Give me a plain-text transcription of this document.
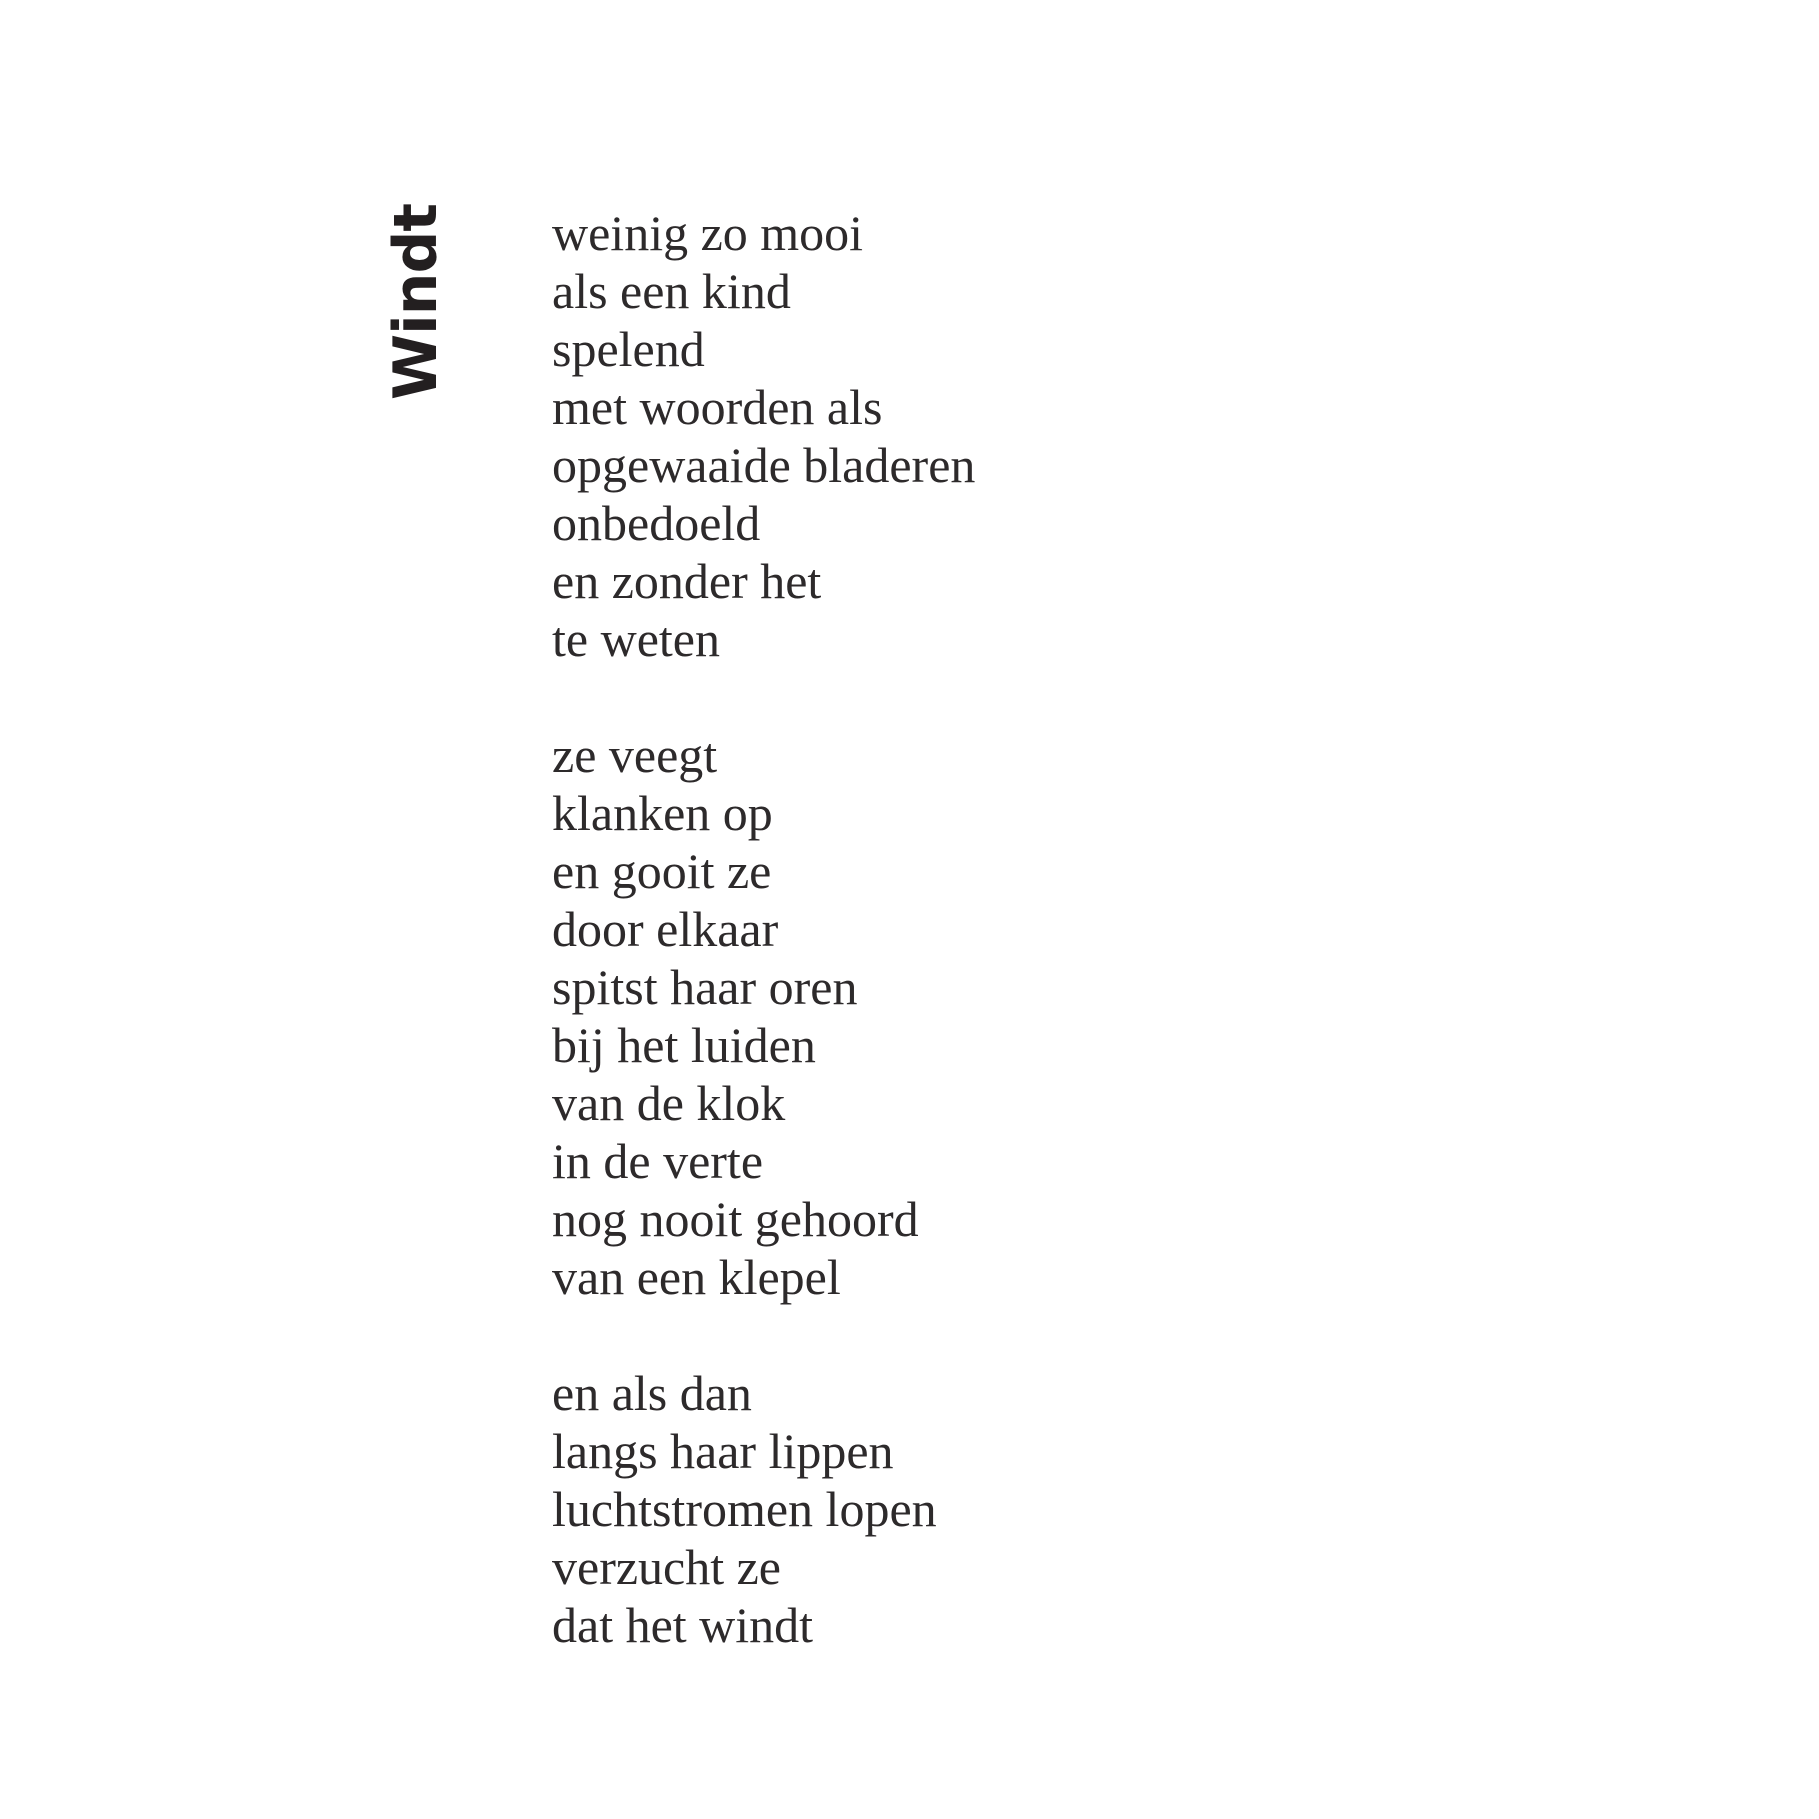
Windt weinig zo mooi
als een kind
spelend
met woorden als
opgewaaide bladeren
onbedoeld
en zonder het
te weten
ze veegt
klanken op
en gooit ze
door elkaar
spitst haar oren
bij het luiden
van de klok
in de verte
nog nooit gehoord
van een klepel
en als dan
langs haar lippen
luchtstromen lopen
verzucht ze
dat het windt
